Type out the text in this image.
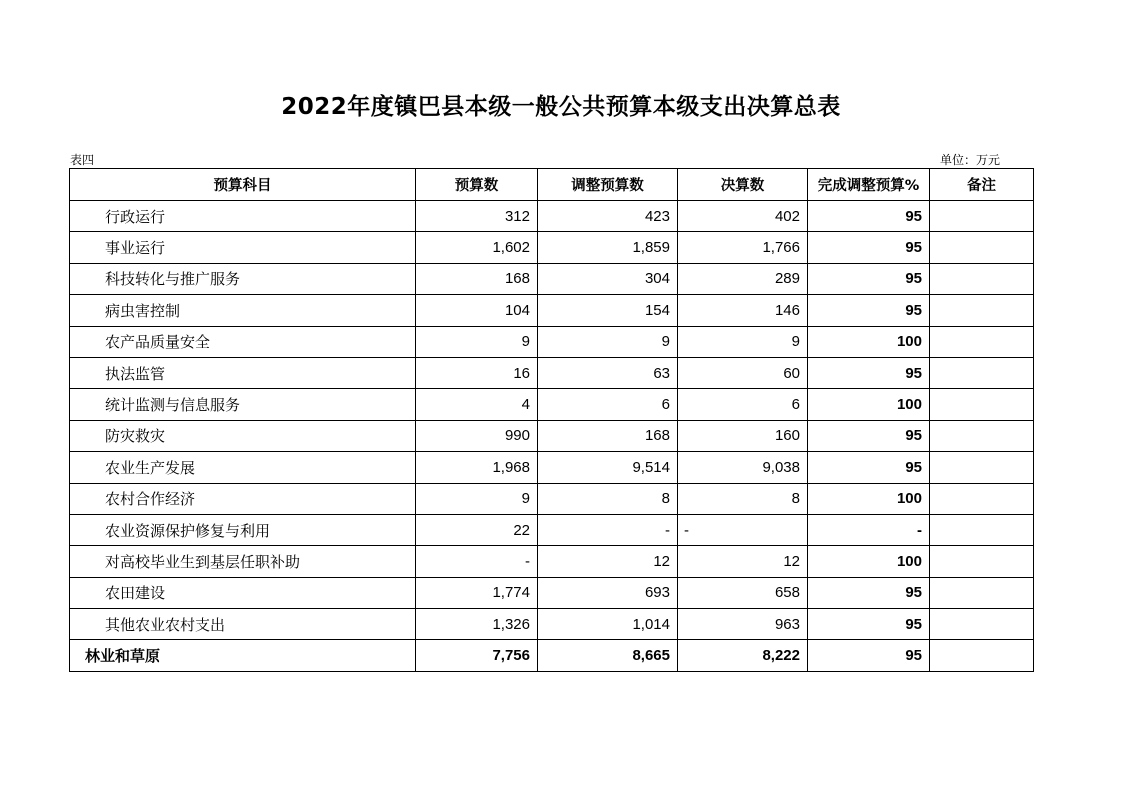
2022年度镇巴县本级一般公共预算本级支出决算总表
表四	单位：万元
预算科目	预算数	调整预算数	决算数	完成调整预算%	备注
行政运行	312	423	402	95	
事业运行	1,602	1,859	1,766	95	
科技转化与推广服务	168	304	289	95	
病虫害控制	104	154	146	95	
农产品质量安全	9	9	9	100	
执法监管	16	63	60	95	
统计监测与信息服务	4	6	6	100	
防灾救灾	990	168	160	95	
农业生产发展	1,968	9,514	9,038	95	
农村合作经济	9	8	8	100	
农业资源保护修复与利用	22	-	-	-	
对高校毕业生到基层任职补助	-	12	12	100	
农田建设	1,774	693	658	95	
其他农业农村支出	1,326	1,014	963	95	
林业和草原	7,756	8,665	8,222	95	
